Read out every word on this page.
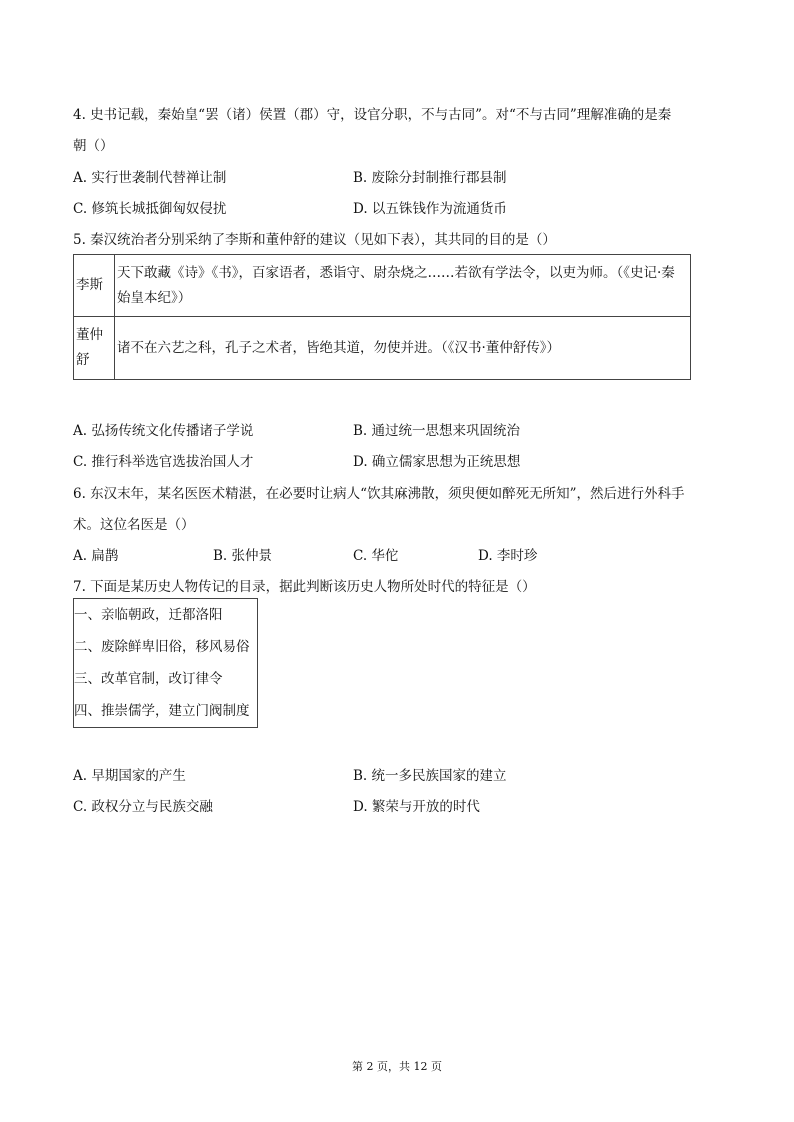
4. 史书记载，秦始皇“罢（诸）侯置（郡）守，设官分职，不与古同”。对“不与古同”理解准确的是秦
朝（）
A. 实行世袭制代替禅让制	B. 废除分封制推行郡县制
C. 修筑长城抵御匈奴侵扰	D. 以五铢钱作为流通货币
5. 秦汉统治者分别采纳了李斯和董仲舒的建议（见如下表），其共同的目的是（）
李斯	天下敢藏《诗》《书》，百家语者，悉诣守、尉杂烧之……若欲有学法令，以吏为师。（《史记·秦始皇本纪》）
董仲舒	诸不在六艺之科，孔子之术者，皆绝其道，勿使并进。（《汉书·董仲舒传》）
A. 弘扬传统文化传播诸子学说	B. 通过统一思想来巩固统治
C. 推行科举选官选拔治国人才	D. 确立儒家思想为正统思想
6. 东汉末年，某名医医术精湛，在必要时让病人“饮其麻沸散，须臾便如醉死无所知”，然后进行外科手
术。这位名医是（）
A. 扁鹊	B. 张仲景	C. 华佗	D. 李时珍
7. 下面是某历史人物传记的目录，据此判断该历史人物所处时代的特征是（）
一、亲临朝政，迁都洛阳
二、废除鲜卑旧俗，移风易俗
三、改革官制，改订律令
四、推崇儒学，建立门阀制度
A. 早期国家的产生	B. 统一多民族国家的建立
C. 政权分立与民族交融	D. 繁荣与开放的时代
第 2 页，共 12 页
